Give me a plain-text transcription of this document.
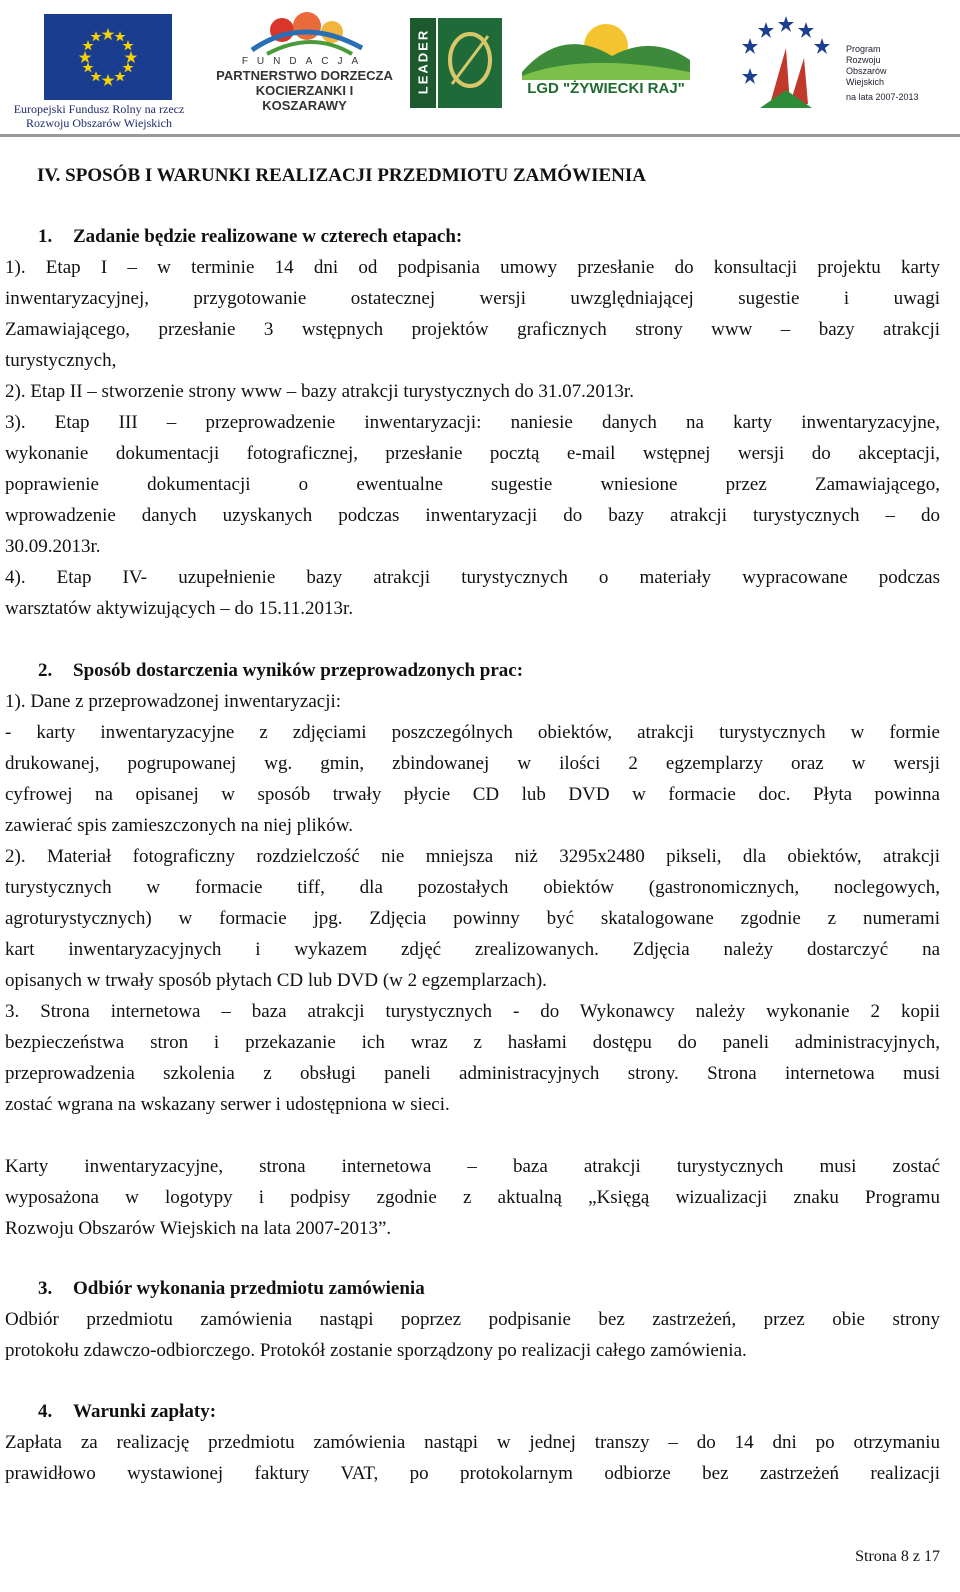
Europejski Fundusz Rolny na rzecz
Rozwoju Obszarów Wiejskich
FUNDACJA
PARTNERSTWO DORZECZA
KOCIERZANKI I KOSZARAWY
LEADER	LGD "ŻYWIECKI RAJ"
Program
Rozwoju
Obszarów
Wiejskich
na lata 2007-2013
IV. SPOSÓB I WARUNKI REALIZACJI PRZEDMIOTU ZAMÓWIENIA
1. Zadanie będzie realizowane w czterech etapach:
1). Etap I – w terminie 14 dni od podpisania umowy przesłanie do konsultacji projektu karty
inwentaryzacyjnej, przygotowanie ostatecznej wersji uwzględniającej sugestie i uwagi
Zamawiającego, przesłanie 3 wstępnych projektów graficznych strony www – bazy atrakcji
turystycznych,
2). Etap II – stworzenie strony www – bazy atrakcji turystycznych do 31.07.2013r.
3). Etap III – przeprowadzenie inwentaryzacji: naniesie danych na karty inwentaryzacyjne,
wykonanie dokumentacji fotograficznej, przesłanie pocztą e-mail wstępnej wersji do akceptacji,
poprawienie dokumentacji o ewentualne sugestie wniesione przez Zamawiającego,
wprowadzenie danych uzyskanych podczas inwentaryzacji do bazy atrakcji turystycznych – do
30.09.2013r.
4). Etap IV- uzupełnienie bazy atrakcji turystycznych o materiały wypracowane podczas
warsztatów aktywizujących – do 15.11.2013r.
2. Sposób dostarczenia wyników przeprowadzonych prac:
1). Dane z przeprowadzonej inwentaryzacji:
- karty inwentaryzacyjne z zdjęciami poszczególnych obiektów, atrakcji turystycznych w formie
drukowanej, pogrupowanej wg. gmin, zbindowanej w ilości 2 egzemplarzy oraz w wersji
cyfrowej na opisanej w sposób trwały płycie CD lub DVD w formacie doc. Płyta powinna
zawierać spis zamieszczonych na niej plików.
2). Materiał fotograficzny rozdzielczość nie mniejsza niż 3295x2480 pikseli, dla obiektów, atrakcji
turystycznych w formacie tiff, dla pozostałych obiektów (gastronomicznych, noclegowych,
agroturystycznych) w formacie jpg. Zdjęcia powinny być skatalogowane zgodnie z numerami
kart inwentaryzacyjnych i wykazem zdjęć zrealizowanych. Zdjęcia należy dostarczyć na
opisanych w trwały sposób płytach CD lub DVD (w 2 egzemplarzach).
3. Strona internetowa – baza atrakcji turystycznych - do Wykonawcy należy wykonanie 2 kopii
bezpieczeństwa stron i przekazanie ich wraz z hasłami dostępu do paneli administracyjnych,
przeprowadzenia szkolenia z obsługi paneli administracyjnych strony. Strona internetowa musi
zostać wgrana na wskazany serwer i udostępniona w sieci.
Karty inwentaryzacyjne, strona internetowa – baza atrakcji turystycznych musi zostać
wyposażona w logotypy i podpisy zgodnie z aktualną „Księgą wizualizacji znaku Programu
Rozwoju Obszarów Wiejskich na lata 2007-2013”.
3. Odbiór wykonania przedmiotu zamówienia
Odbiór przedmiotu zamówienia nastąpi poprzez podpisanie bez zastrzeżeń, przez obie strony
protokołu zdawczo-odbiorczego. Protokół zostanie sporządzony po realizacji całego zamówienia.
4. Warunki zapłaty:
Zapłata za realizację przedmiotu zamówienia nastąpi w jednej transzy – do 14 dni po otrzymaniu
prawidłowo wystawionej faktury VAT, po protokolarnym odbiorze bez zastrzeżeń realizacji
Strona 8 z 17
